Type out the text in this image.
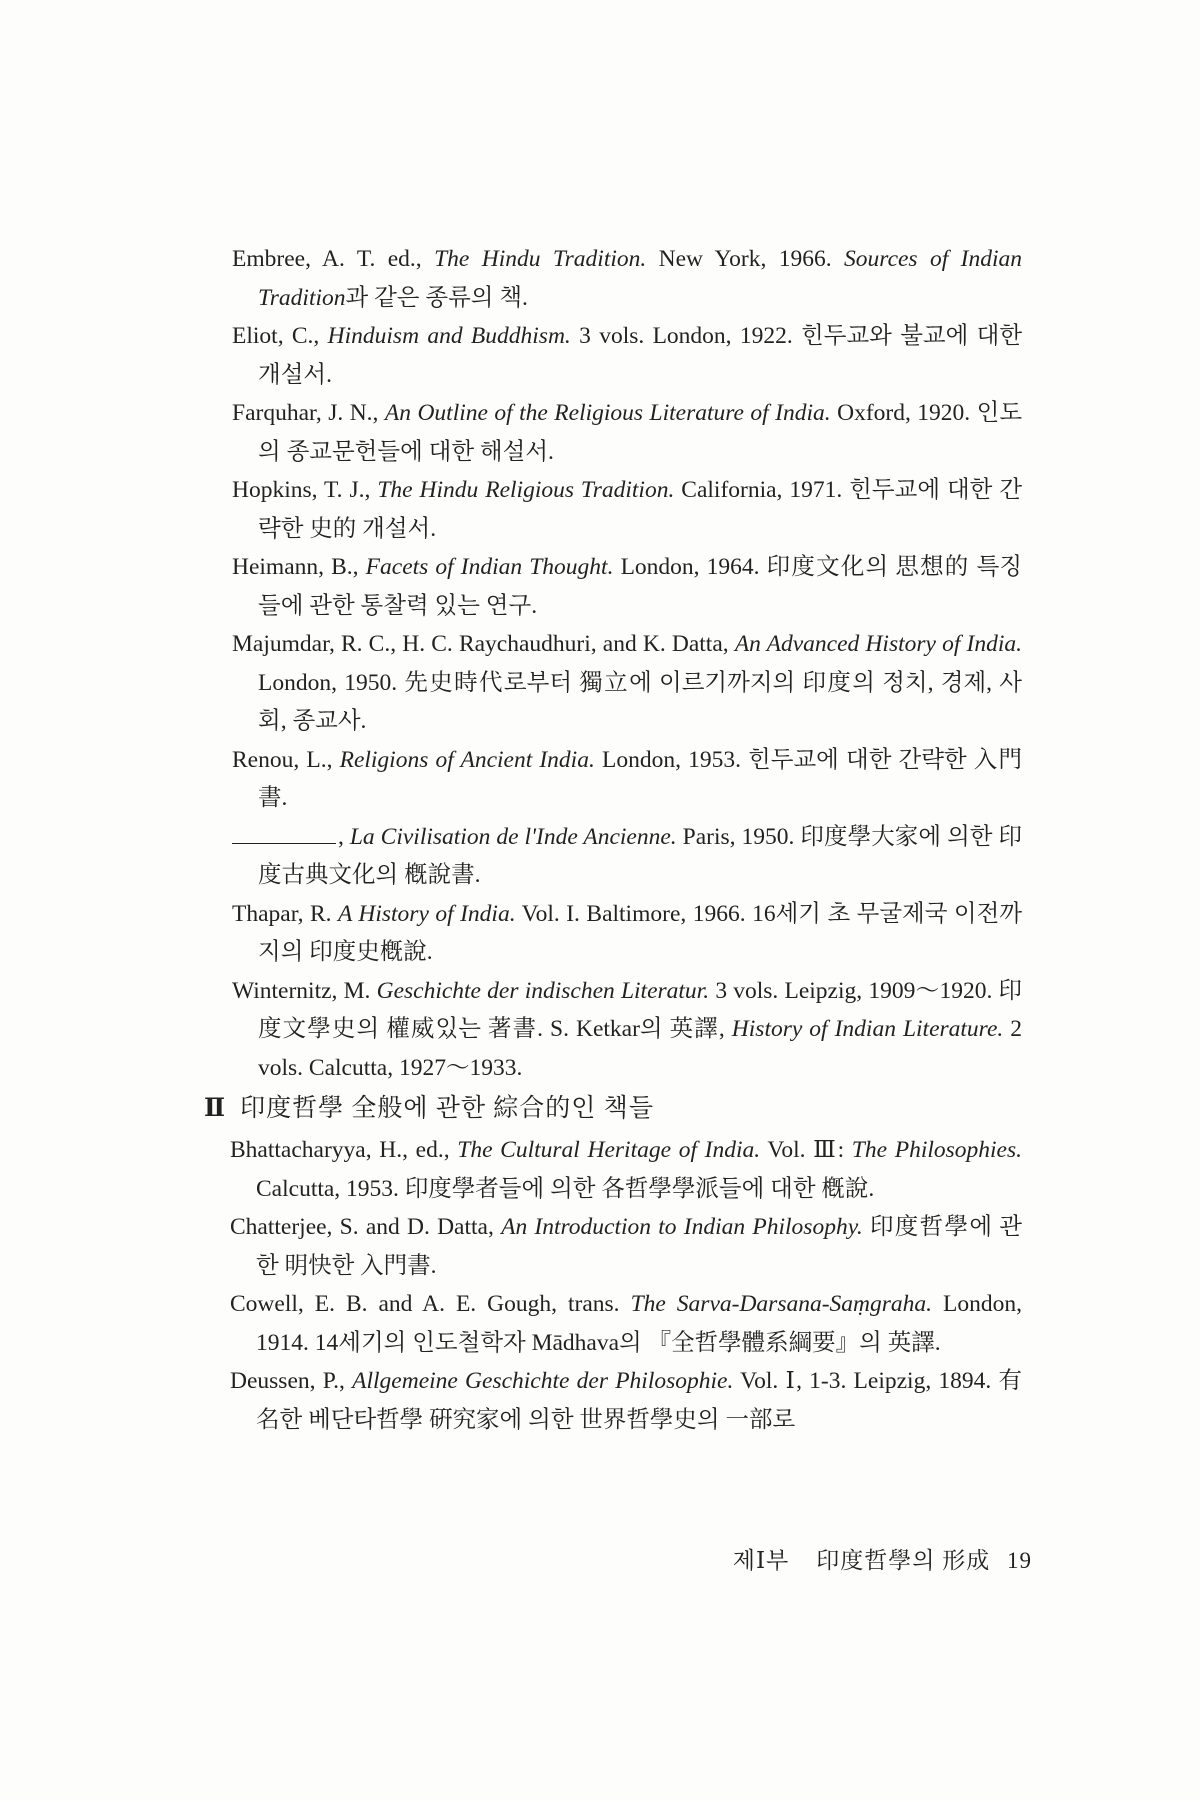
Embree, A. T. ed., The Hindu Tradition. New York, 1966. Sources of Indian Tradition과 같은 종류의 책.

Eliot, C., Hinduism and Buddhism. 3 vols. London, 1922. 힌두교와 불교에 대한 개설서.

Farquhar, J. N., An Outline of the Religious Literature of India. Oxford, 1920. 인도의 종교문헌들에 대한 해설서.

Hopkins, T. J., The Hindu Religious Tradition. California, 1971. 힌두교에 대한 간략한 史的 개설서.

Heimann, B., Facets of Indian Thought. London, 1964. 印度文化의 思想的 특징들에 관한 통찰력 있는 연구.

Majumdar, R. C., H. C. Raychaudhuri, and K. Datta, An Advanced History of India. London, 1950. 先史時代로부터 獨立에 이르기까지의 印度의 정치, 경제, 사회, 종교사.

Renou, L., Religions of Ancient India. London, 1953. 힌두교에 대한 간략한 入門書.

, La Civilisation de l'Inde Ancienne. Paris, 1950. 印度學大家에 의한 印度古典文化의 槪說書.

Thapar, R. A History of India. Vol. I. Baltimore, 1966. 16세기 초 무굴제국 이전까지의 印度史槪說.

Winternitz, M. Geschichte der indischen Literatur. 3 vols. Leipzig, 1909～1920. 印度文學史의 權威있는 著書. S. Ketkar의 英譯, History of Indian Literature. 2 vols. Calcutta, 1927～1933.

Ⅱ 印度哲學 全般에 관한 綜合的인 책들

Bhattacharyya, H., ed., The Cultural Heritage of India. Vol. Ⅲ: The Philosophies. Calcutta, 1953. 印度學者들에 의한 各哲學學派들에 대한 槪說.

Chatterjee, S. and D. Datta, An Introduction to Indian Philosophy. 印度哲學에 관한 明快한 入門書.

Cowell, E. B. and A. E. Gough, trans. The Sarva-Darsana-Saṃgraha. London, 1914. 14세기의 인도철학자 Mādhava의 『全哲學體系綱要』의 英譯.

Deussen, P., Allgemeine Geschichte der Philosophie. Vol. Ⅰ, 1-3. Leipzig, 1894. 有名한 베단타哲學 硏究家에 의한 世界哲學史의 一部로

제Ⅰ부 印度哲學의 形成 19
